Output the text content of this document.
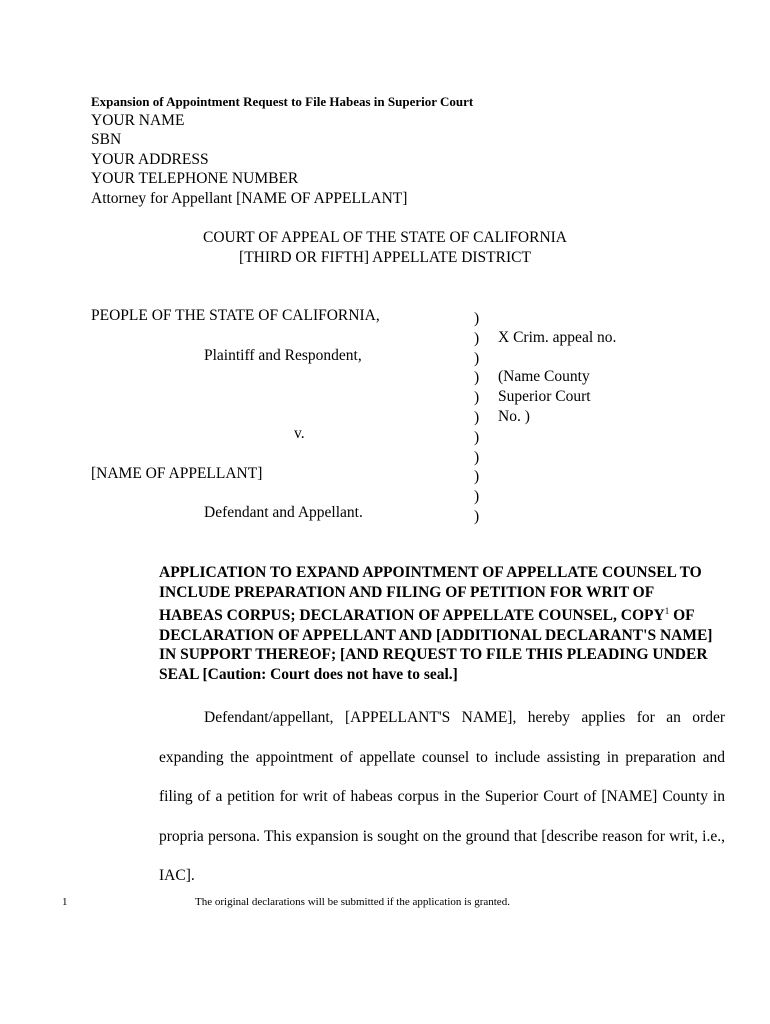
Expansion of Appointment Request to File Habeas in Superior Court
YOUR NAME
SBN
YOUR ADDRESS
YOUR TELEPHONE NUMBER
Attorney for Appellant [NAME OF APPELLANT]
COURT OF APPEAL OF THE STATE OF CALIFORNIA
[THIRD OR FIFTH] APPELLATE DISTRICT
PEOPLE OF THE STATE OF CALIFORNIA,
Plaintiff and Respondent,
v.
[NAME OF APPELLANT]
Defendant and Appellant.
)
)
)
)
)
)
)
)
)
)
)
X Crim. appeal no.
(Name County
Superior Court
No. )
APPLICATION TO EXPAND APPOINTMENT OF APPELLATE COUNSEL TO INCLUDE PREPARATION AND FILING OF PETITION FOR WRIT OF HABEAS CORPUS; DECLARATION OF APPELLATE COUNSEL, COPY$^1$ OF DECLARATION OF APPELLANT AND [ADDITIONAL DECLARANT'S NAME] IN SUPPORT THEREOF; [AND REQUEST TO FILE THIS PLEADING UNDER SEAL [Caution: Court does not have to seal.]
Defendant/appellant, [APPELLANT'S NAME], hereby applies for an order expanding the appointment of appellate counsel to include assisting in preparation and filing of a petition for writ of habeas corpus in the Superior Court of [NAME] County in propria persona. This expansion is sought on the ground that [describe reason for writ, i.e., IAC].
1	The original declarations will be submitted if the application is granted.
